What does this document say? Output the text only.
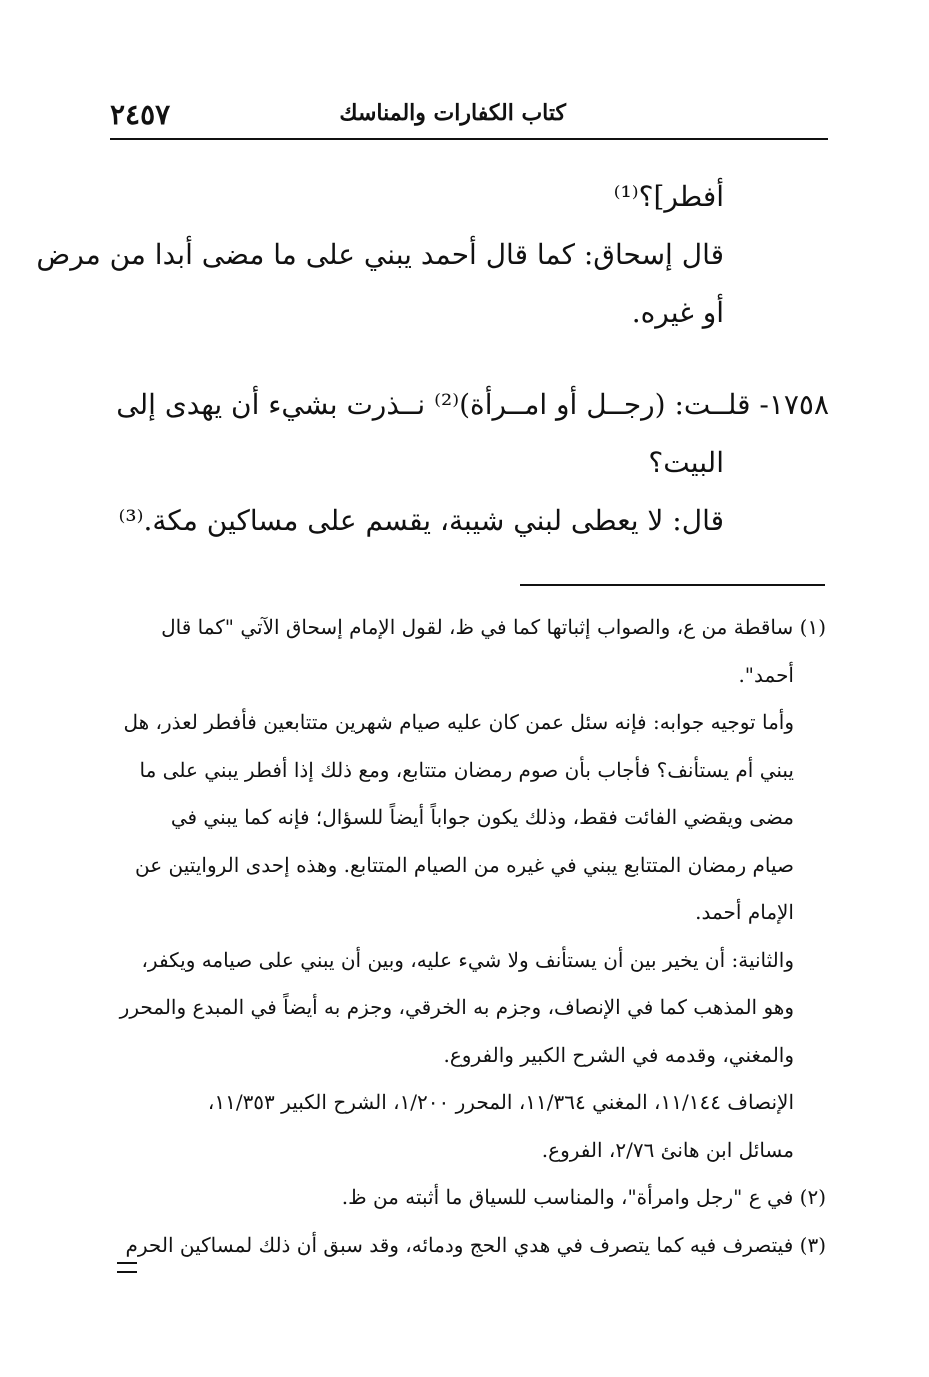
كتاب الكفارات والمناسك
٢٤٥٧
أفطر]؟⁽¹⁾
قال إسحاق: كما قال أحمد يبني على ما مضى أبدا من مرض
أو غيره.
١٧٥٨- قلــت: (رجــل أو امــرأة)⁽²⁾ نــذرت بشيء أن يهدى إلى
البيت؟
قال: لا يعطى لبني شيبة، يقسم على مساكين مكة.⁽³⁾
(١) ساقطة من ع، والصواب إثباتها كما في ظ، لقول الإمام إسحاق الآتي "كما قال
أحمد".
وأما توجيه جوابه: فإنه سئل عمن كان عليه صيام شهرين متتابعين فأفطر لعذر، هل
يبني أم يستأنف؟ فأجاب بأن صوم رمضان متتابع، ومع ذلك إذا أفطر يبني على ما
مضى ويقضي الفائت فقط، وذلك يكون جواباً أيضاً للسؤال؛ فإنه كما يبني في
صيام رمضان المتتابع يبني في غيره من الصيام المتتابع. وهذه إحدى الروايتين عن
الإمام أحمد.
والثانية: أن يخير بين أن يستأنف ولا شيء عليه، وبين أن يبني على صيامه ويكفر،
وهو المذهب كما في الإنصاف، وجزم به الخرقي، وجزم به أيضاً في المبدع والمحرر
والمغني، وقدمه في الشرح الكبير والفروع.
الإنصاف ١١/١٤٤، المغني ١١/٣٦٤، المحرر ١/٢٠٠، الشرح الكبير ١١/٣٥٣،
مسائل ابن هانئ ٢/٧٦، الفروع.
(٢) في ع "رجل وامرأة"، والمناسب للسياق ما أثبته من ظ.
(٣) فيتصرف فيه كما يتصرف في هدي الحج ودمائه، وقد سبق أن ذلك لمساكين الحرم
